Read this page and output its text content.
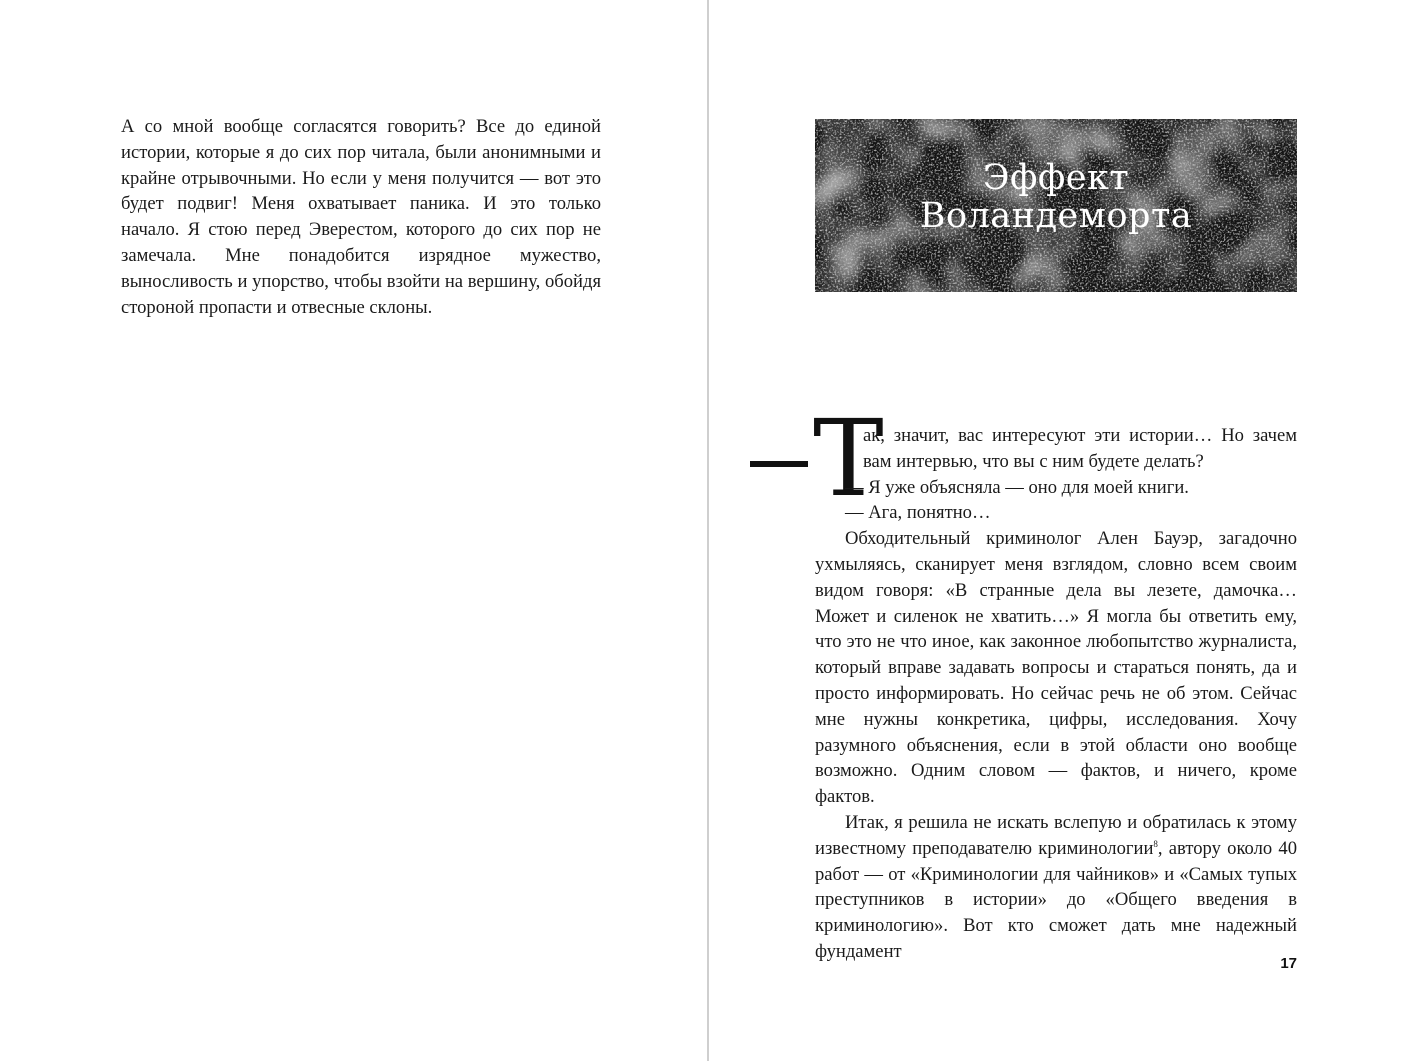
А со мной вообще согласятся говорить? Все до единой истории, которые я до сих пор читала, были анонимными и крайне отрывочными. Но если у меня получится — вот это будет подвиг! Меня охватывает паника. И это только начало. Я стою перед Эверестом, которого до сих пор не замечала. Мне понадобится изрядное мужество, выносливость и упорство, чтобы взойти на вершину, обойдя стороной пропасти и отвесные склоны.

Эффект
Воландеморта
Т

ак, значит, вас интересуют эти истории… Но зачем вам интервью, что вы с ним будете делать?

— Я уже объясняла — оно для моей книги.

— Ага, понятно…

Обходительный криминолог Ален Бауэр, загадочно ухмыляясь, сканирует меня взглядом, словно всем своим видом говоря: «В странные дела вы лезете, дамочка… Может и силенок не хватить…» Я могла бы ответить ему, что это не что иное, как законное любопытство журналиста, который вправе задавать вопросы и стараться понять, да и просто информировать. Но сейчас речь не об этом. Сейчас мне нужны конкретика, цифры, исследования. Хочу разумного объяснения, если в этой области оно вообще возможно. Одним словом — фактов, и ничего, кроме фактов.

Итак, я решила не искать вслепую и обратилась к этому известному преподавателю криминологии$^8$, автору около 40 работ — от «Криминологии для чайников» и «Самых тупых преступников в истории» до «Общего введения в криминологию». Вот кто сможет дать мне надежный фундамент

17
